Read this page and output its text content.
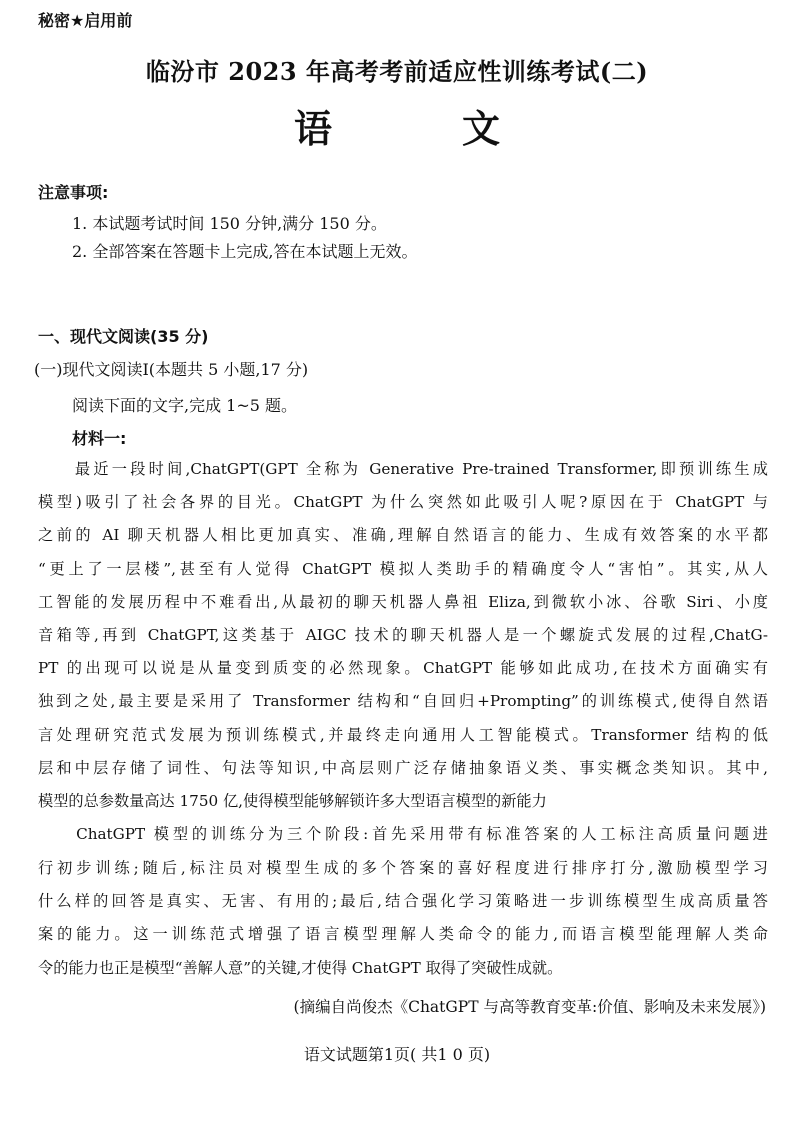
秘密★启用前
临汾市 2023 年高考考前适应性训练考试(二)
语文
注意事项:
1. 本试题考试时间 150 分钟,满分 150 分。
2. 全部答案在答题卡上完成,答在本试题上无效。
一、现代文阅读(35 分)
(一)现代文阅读Ⅰ(本题共 5 小题,17 分)
阅读下面的文字,完成 1~5 题。
材料一:
　　最近一段时间,ChatGPT(GPT 全称为 Generative Pre-trained Transformer,即预训练生成
模型)吸引了社会各界的目光。ChatGPT 为什么突然如此吸引人呢?原因在于 ChatGPT 与
之前的 AI 聊天机器人相比更加真实、准确,理解自然语言的能力、生成有效答案的水平都
“更上了一层楼”,甚至有人觉得 ChatGPT 模拟人类助手的精确度令人“害怕”。其实,从人
工智能的发展历程中不难看出,从最初的聊天机器人鼻祖 Eliza,到微软小冰、谷歌 Siri、小度
音箱等,再到 ChatGPT,这类基于 AIGC 技术的聊天机器人是一个螺旋式发展的过程,ChatG-
PT 的出现可以说是从量变到质变的必然现象。ChatGPT 能够如此成功,在技术方面确实有
独到之处,最主要是采用了 Transformer 结构和“自回归+Prompting”的训练模式,使得自然语
言处理研究范式发展为预训练模式,并最终走向通用人工智能模式。Transformer 结构的低
层和中层存储了词性、句法等知识,中高层则广泛存储抽象语义类、事实概念类知识。其中,
模型的总参数量高达 1750 亿,使得模型能够解锁许多大型语言模型的新能力
　　ChatGPT 模型的训练分为三个阶段:首先采用带有标准答案的人工标注高质量问题进
行初步训练;随后,标注员对模型生成的多个答案的喜好程度进行排序打分,激励模型学习
什么样的回答是真实、无害、有用的;最后,结合强化学习策略进一步训练模型生成高质量答
案的能力。这一训练范式增强了语言模型理解人类命令的能力,而语言模型能理解人类命
令的能力也正是模型“善解人意”的关键,才使得 ChatGPT 取得了突破性成就。
(摘编自尚俊杰《ChatGPT 与高等教育变革:价值、影响及未来发展》)
语文试题第1页( 共1 0 页)
